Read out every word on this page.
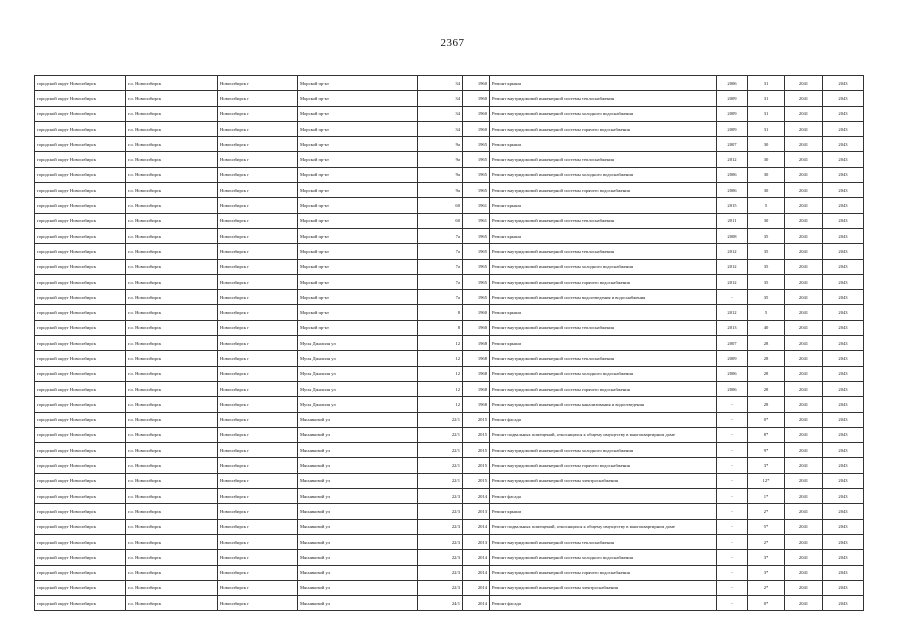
2367
городской округ Новосибирск	г.о. Новосибирск	Новосибирск г	Морской пр-кт	34	1960	Ремонт крыши	2006	31	2041	2043
городской округ Новосибирск	г.о. Новосибирск	Новосибирск г	Морской пр-кт	34	1960	Ремонт внутридомовой инженерной системы теплоснабжения	2009	31	2041	2043
городской округ Новосибирск	г.о. Новосибирск	Новосибирск г	Морской пр-кт	34	1960	Ремонт внутридомовой инженерной системы холодного водоснабжения	2009	31	2041	2043
городской округ Новосибирск	г.о. Новосибирск	Новосибирск г	Морской пр-кт	34	1960	Ремонт внутридомовой инженерной системы горячего водоснабжения	2009	31	2041	2043
городской округ Новосибирск	г.о. Новосибирск	Новосибирск г	Морской пр-кт	9а	1965	Ремонт крыши	2007	30	2041	2043
городской округ Новосибирск	г.о. Новосибирск	Новосибирск г	Морской пр-кт	9а	1965	Ремонт внутридомовой инженерной системы теплоснабжения	2012	30	2041	2043
городской округ Новосибирск	г.о. Новосибирск	Новосибирск г	Морской пр-кт	9а	1965	Ремонт внутридомовой инженерной системы холодного водоснабжения	2006	30	2041	2043
городской округ Новосибирск	г.о. Новосибирск	Новосибирск г	Морской пр-кт	9а	1965	Ремонт внутридомовой инженерной системы горячего водоснабжения	2006	30	2041	2043
городской округ Новосибирск	г.о. Новосибирск	Новосибирск г	Морской пр-кт	60	1961	Ремонт крыши	2015	5	2041	2043
городской округ Новосибирск	г.о. Новосибирск	Новосибирск г	Морской пр-кт	60	1961	Ремонт внутридомовой инженерной системы теплоснабжения	2011	30	2041	2043
городской округ Новосибирск	г.о. Новосибирск	Новосибирск г	Морской пр-кт	7а	1965	Ремонт крыши	2008	35	2041	2043
городской округ Новосибирск	г.о. Новосибирск	Новосибирск г	Морской пр-кт	7а	1965	Ремонт внутридомовой инженерной системы теплоснабжения	2012	35	2041	2043
городской округ Новосибирск	г.о. Новосибирск	Новосибирск г	Морской пр-кт	7а	1965	Ремонт внутридомовой инженерной системы холодного водоснабжения	2012	35	2041	2043
городской округ Новосибирск	г.о. Новосибирск	Новосибирск г	Морской пр-кт	7а	1965	Ремонт внутридомовой инженерной системы горячего водоснабжения	2012	35	2041	2043
городской округ Новосибирск	г.о. Новосибирск	Новосибирск г	Морской пр-кт	7а	1965	Ремонт внутридомовой инженерной системы водоотведения и водоснабжения	-	35	2041	2043
городской округ Новосибирск	г.о. Новосибирск	Новосибирск г	Морской пр-кт	8	1960	Ремонт крыши	2012	5	2041	2043
городской округ Новосибирск	г.о. Новосибирск	Новосибирск г	Морской пр-кт	8	1960	Ремонт внутридомовой инженерной системы теплоснабжения	2013	40	2041	2043
городской округ Новосибирск	г.о. Новосибирск	Новосибирск г	Мусы Джалиля ул	12	1968	Ремонт крыши	2007	28	2041	2043
городской округ Новосибирск	г.о. Новосибирск	Новосибирск г	Мусы Джалиля ул	12	1968	Ремонт внутридомовой инженерной системы теплоснабжения	2009	28	2041	2043
городской округ Новосибирск	г.о. Новосибирск	Новосибирск г	Мусы Джалиля ул	12	1968	Ремонт внутридомовой инженерной системы холодного водоснабжения	2006	28	2041	2043
городской округ Новосибирск	г.о. Новосибирск	Новосибирск г	Мусы Джалиля ул	12	1968	Ремонт внутридомовой инженерной системы горячего водоснабжения	2006	28	2041	2043
городской округ Новосибирск	г.о. Новосибирск	Новосибирск г	Мусы Джалиля ул	12	1968	Ремонт внутридомовой инженерной системы канализования и водоотведения	-	28	2041	2043
городской округ Новосибирск	г.о. Новосибирск	Новосибирск г	Мясниковой ул	22/1	2015	Ремонт фасада	-	0*	2041	2043
городской округ Новосибирск	г.о. Новосибирск	Новосибирск г	Мясниковой ул	22/1	2015	Ремонт подвальных помещений, относящихся к общему имуществу в многоквартирном доме	-	8*	2041	2043
городской округ Новосибирск	г.о. Новосибирск	Новосибирск г	Мясниковой ул	22/1	2015	Ремонт внутридомовой инженерной системы холодного водоснабжения	-	9*	2041	2043
городской округ Новосибирск	г.о. Новосибирск	Новосибирск г	Мясниковой ул	22/1	2015	Ремонт внутридомовой инженерной системы горячего водоснабжения	-	3*	2041	2043
городской округ Новосибирск	г.о. Новосибирск	Новосибирск г	Мясниковой ул	22/1	2015	Ремонт внутридомовой инженерной системы электроснабжения	-	12*	2041	2043
городской округ Новосибирск	г.о. Новосибирск	Новосибирск г	Мясниковой ул	22/3	2014	Ремонт фасада	-	1*	2041	2043
городской округ Новосибирск	г.о. Новосибирск	Новосибирск г	Мясниковой ул	22/3	2013	Ремонт крыши	-	2*	2041	2043
городской округ Новосибирск	г.о. Новосибирск	Новосибирск г	Мясниковой ул	22/3	2014	Ремонт подвальных помещений, относящихся к общему имуществу в многоквартирном доме	-	5*	2041	2043
городской округ Новосибирск	г.о. Новосибирск	Новосибирск г	Мясниковой ул	22/3	2013	Ремонт внутридомовой инженерной системы теплоснабжения	-	2*	2041	2043
городской округ Новосибирск	г.о. Новосибирск	Новосибирск г	Мясниковой ул	22/3	2014	Ремонт внутридомовой инженерной системы холодного водоснабжения	-	3*	2041	2043
городской округ Новосибирск	г.о. Новосибирск	Новосибирск г	Мясниковой ул	22/3	2014	Ремонт внутридомовой инженерной системы горячего водоснабжения	-	3*	2041	2043
городской округ Новосибирск	г.о. Новосибирск	Новосибирск г	Мясниковой ул	22/3	2014	Ремонт внутридомовой инженерной системы электроснабжения	-	2*	2041	2043
городской округ Новосибирск	г.о. Новосибирск	Новосибирск г	Мясниковой ул	24/1	2014	Ремонт фасада	-	0*	2041	2043
